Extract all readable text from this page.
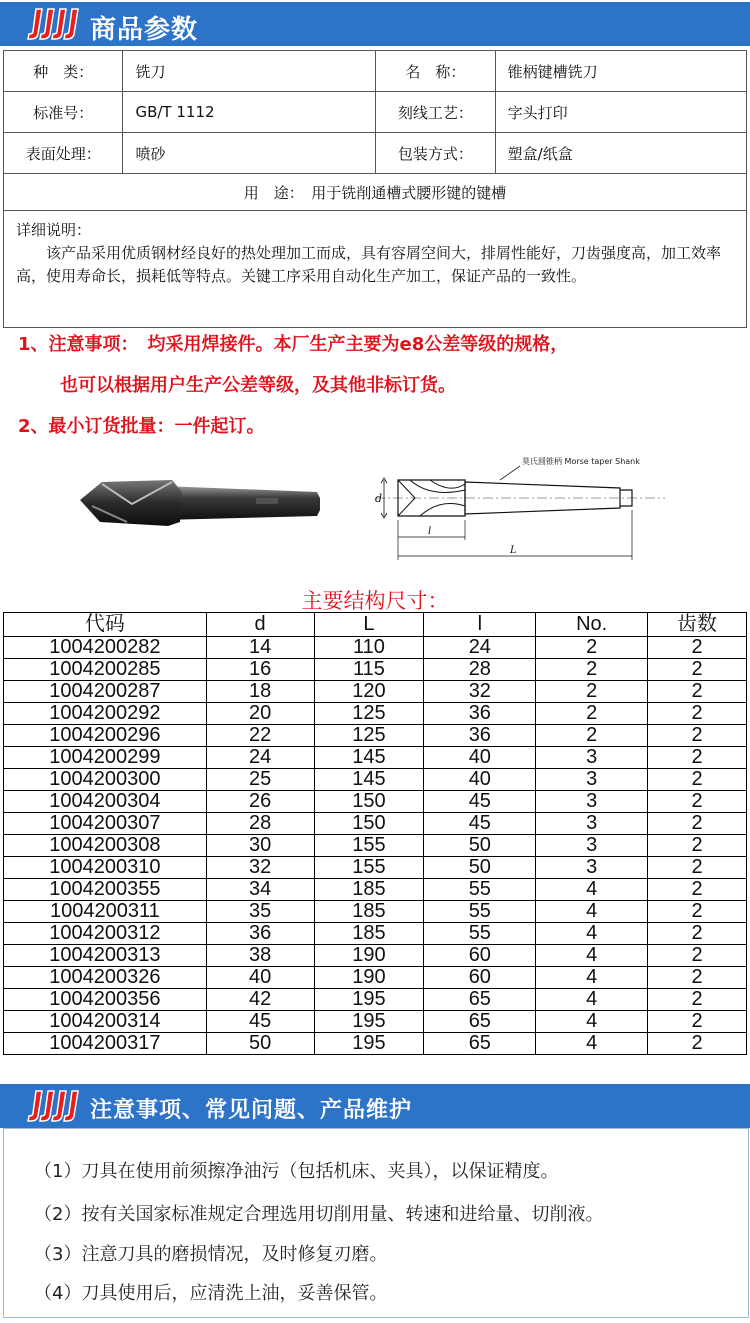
商品参数
种　类：	铣刀	名　称：	锥柄键槽铣刀
标准号：	GB/T 1112	刻线工艺：	字头打印
表面处理：	喷砂	包装方式：	塑盒/纸盒
用　途：　用于铣削通槽式腰形键的键槽			

详细说明：
该产品采用优质钢材经良好的热处理加工而成，具有容屑空间大，排屑性能好，刀齿强度高，加工效率高，使用寿命长，损耗低等特点。关键工序采用自动化生产加工，保证产品的一致性。			
1、注意事项：　均采用焊接件。本厂生产主要为e8公差等级的规格，
也可以根据用户生产公差等级，及其他非标订货。
2、最小订货批量：一件起订。
莫氏圆锥柄 Morse taper Shank
d
l
L
主要结构尺寸：
代码	d	L	l	No.	齿数
1004200282	14	110	24	2	2
1004200285	16	115	28	2	2
1004200287	18	120	32	2	2
1004200292	20	125	36	2	2
1004200296	22	125	36	2	2
1004200299	24	145	40	3	2
1004200300	25	145	40	3	2
1004200304	26	150	45	3	2
1004200307	28	150	45	3	2
1004200308	30	155	50	3	2
1004200310	32	155	50	3	2
1004200355	34	185	55	4	2
1004200311	35	185	55	4	2
1004200312	36	185	55	4	2
1004200313	38	190	60	4	2
1004200326	40	190	60	4	2
1004200356	42	195	65	4	2
1004200314	45	195	65	4	2
1004200317	50	195	65	4	2
注意事项、常见问题、产品维护
（1）刀具在使用前须擦净油污（包括机床、夹具），以保证精度。
（2）按有关国家标准规定合理选用切削用量、转速和进给量、切削液。
（3）注意刀具的磨损情况，及时修复刃磨。
（4）刀具使用后，应清洗上油，妥善保管。
